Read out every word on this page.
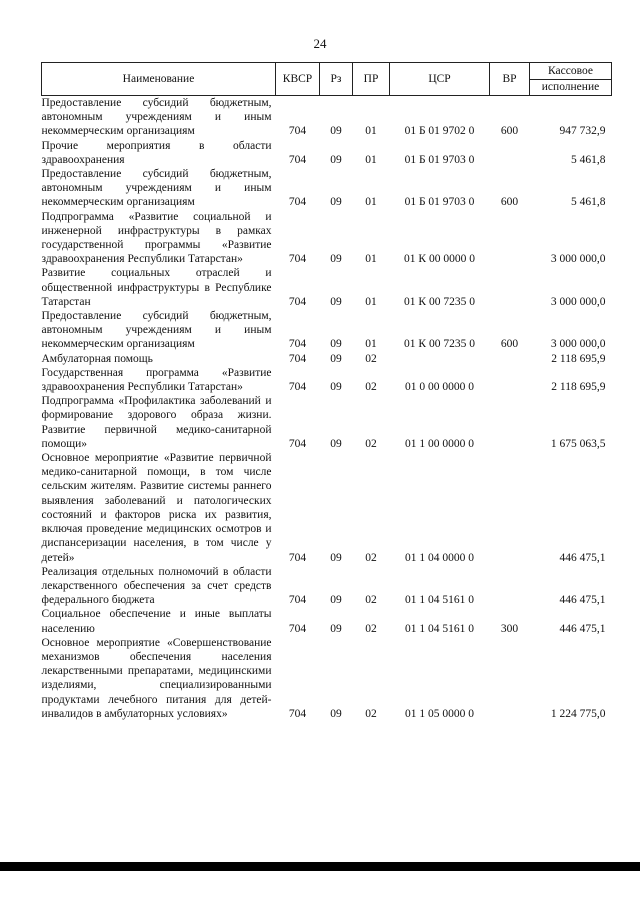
24
Наименование	КВСР	Рз	ПР	ЦСР	ВР	Кассовое
исполнение

Предоставление субсидий бюджетным, автономным учреждениям и иным некоммерческим организациям	704	09	01	01 Б 01 9702 0	600	947 732,9
Прочие мероприятия в области здравоохранения	704	09	01	01 Б 01 9703 0		5 461,8
Предоставление субсидий бюджетным, автономным учреждениям и иным некоммерческим организациям	704	09	01	01 Б 01 9703 0	600	5 461,8
Подпрограмма «Развитие социальной и инженерной инфраструктуры в рамках государственной программы «Развитие здравоохранения Республики Татарстан»	704	09	01	01 К 00 0000 0		3 000 000,0
Развитие социальных отраслей и общественной инфраструктуры в Республике Татарстан	704	09	01	01 К 00 7235 0		3 000 000,0
Предоставление субсидий бюджетным, автономным учреждениям и иным некоммерческим организациям	704	09	01	01 К 00 7235 0	600	3 000 000,0
Амбулаторная помощь	704	09	02			2 118 695,9
Государственная программа «Развитие здравоохранения Республики Татарстан»	704	09	02	01 0 00 0000 0		2 118 695,9
Подпрограмма «Профилактика заболеваний и формирование здорового образа жизни. Развитие первичной медико-санитарной помощи»	704	09	02	01 1 00 0000 0		1 675 063,5
Основное мероприятие «Развитие первичной медико-санитарной помощи, в том числе сельским жителям. Развитие системы раннего выявления заболеваний и патологических состояний и факторов риска их развития, включая проведение медицинских осмотров и диспансеризации населения, в том числе у детей»	704	09	02	01 1 04 0000 0		446 475,1
Реализация отдельных полномочий в области лекарственного обеспечения за счет средств федерального бюджета	704	09	02	01 1 04 5161 0		446 475,1
Социальное обеспечение и иные выплаты населению	704	09	02	01 1 04 5161 0	300	446 475,1
Основное мероприятие «Совершенствование механизмов обеспечения населения лекарственными препаратами, медицинскими изделиями, специализированными продуктами лечебного питания для детей-инвалидов в амбулаторных условиях»	704	09	02	01 1 05 0000 0		1 224 775,0
